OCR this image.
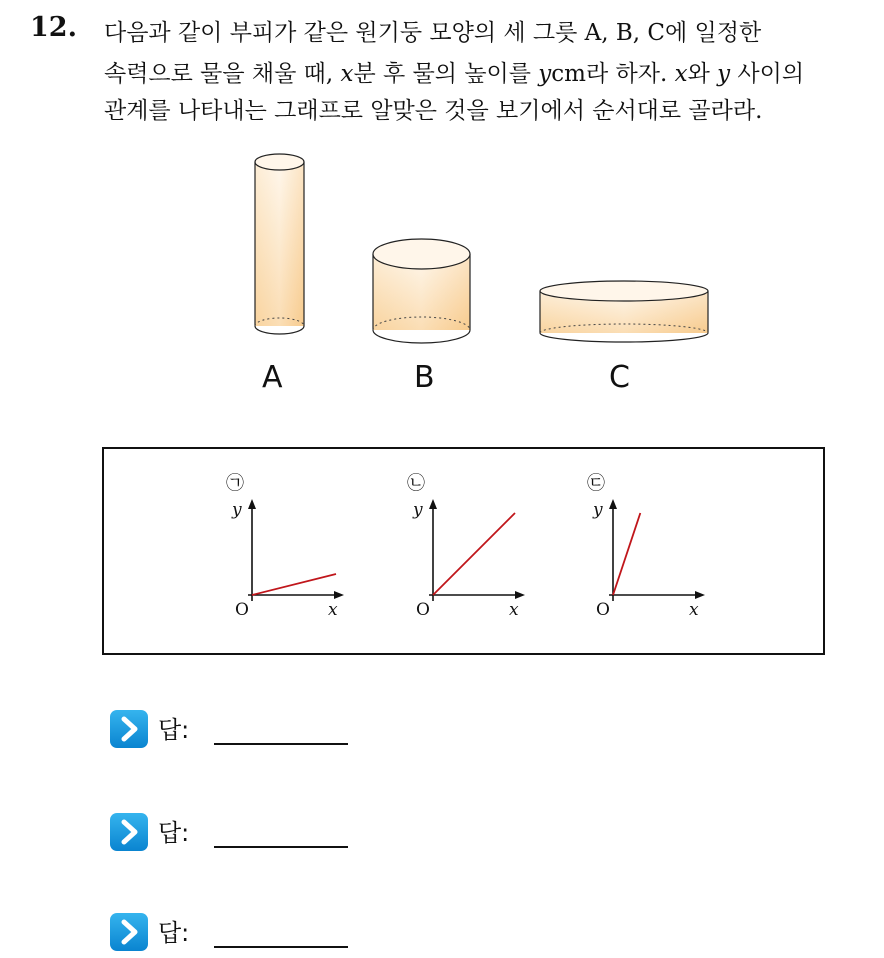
12. 다음과 같이 부피가 같은 원기둥 모양의 세 그릇 A, B, C에 일정한
속력으로 물을 채울 때, x분 후 물의 높이를 ycm라 하자. x와 y 사이의
관계를 나타내는 그래프로 알맞은 것을 보기에서 순서대로 골라라.
A	B	C
㉠
y
x
O
㉡
y
x
O
㉢
y
x
O
답:
답:
답:
